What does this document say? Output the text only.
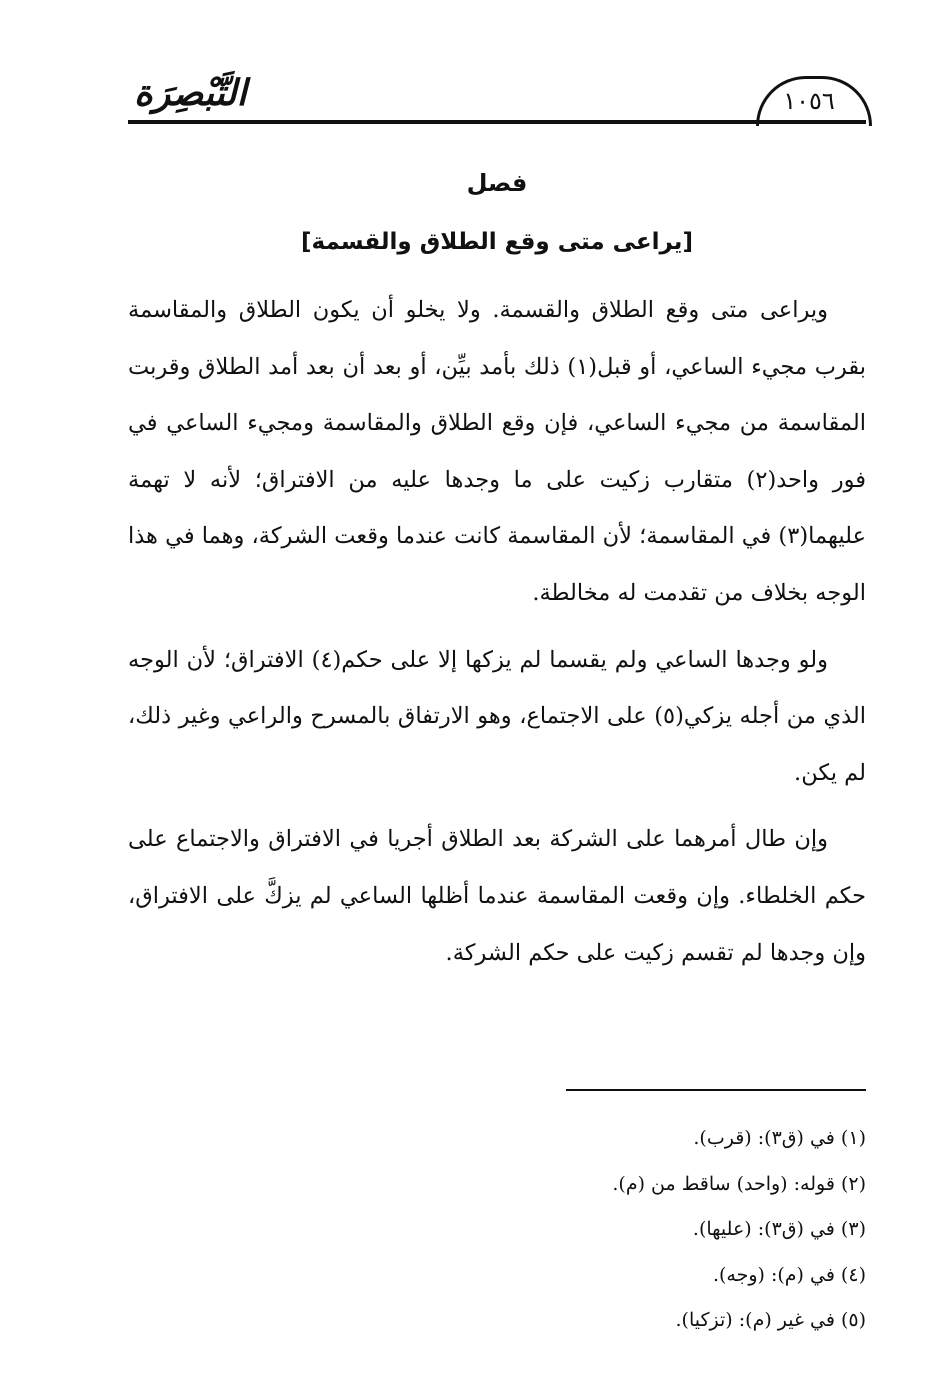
التَّبْصِرَة	١٠٥٦
فصل
[يراعى متى وقع الطلاق والقسمة]

ويراعى متى وقع الطلاق والقسمة. ولا يخلو أن يكون الطلاق والمقاسمة بقرب مجيء الساعي، أو قبل(١) ذلك بأمد بيِّن، أو بعد أن بعد أمد الطلاق وقربت المقاسمة من مجيء الساعي، فإن وقع الطلاق والمقاسمة ومجيء الساعي في فور واحد(٢) متقارب زكيت على ما وجدها عليه من الافتراق؛ لأنه لا تهمة عليهما(٣) في المقاسمة؛ لأن المقاسمة كانت عندما وقعت الشركة، وهما في هذا الوجه بخلاف من تقدمت له مخالطة.

ولو وجدها الساعي ولم يقسما لم يزكها إلا على حكم(٤) الافتراق؛ لأن الوجه الذي من أجله يزكي(٥) على الاجتماع، وهو الارتفاق بالمسرح والراعي وغير ذلك، لم يكن.

وإن طال أمرهما على الشركة بعد الطلاق أجريا في الافتراق والاجتماع على حكم الخلطاء. وإن وقعت المقاسمة عندما أظلها الساعي لم يزكَّ على الافتراق، وإن وجدها لم تقسم زكيت على حكم الشركة.

(١) في (ق٣): (قرب).
(٢) قوله: (واحد) ساقط من (م).
(٣) في (ق٣): (عليها).
(٤) في (م): (وجه).
(٥) في غير (م): (تزكيا).
